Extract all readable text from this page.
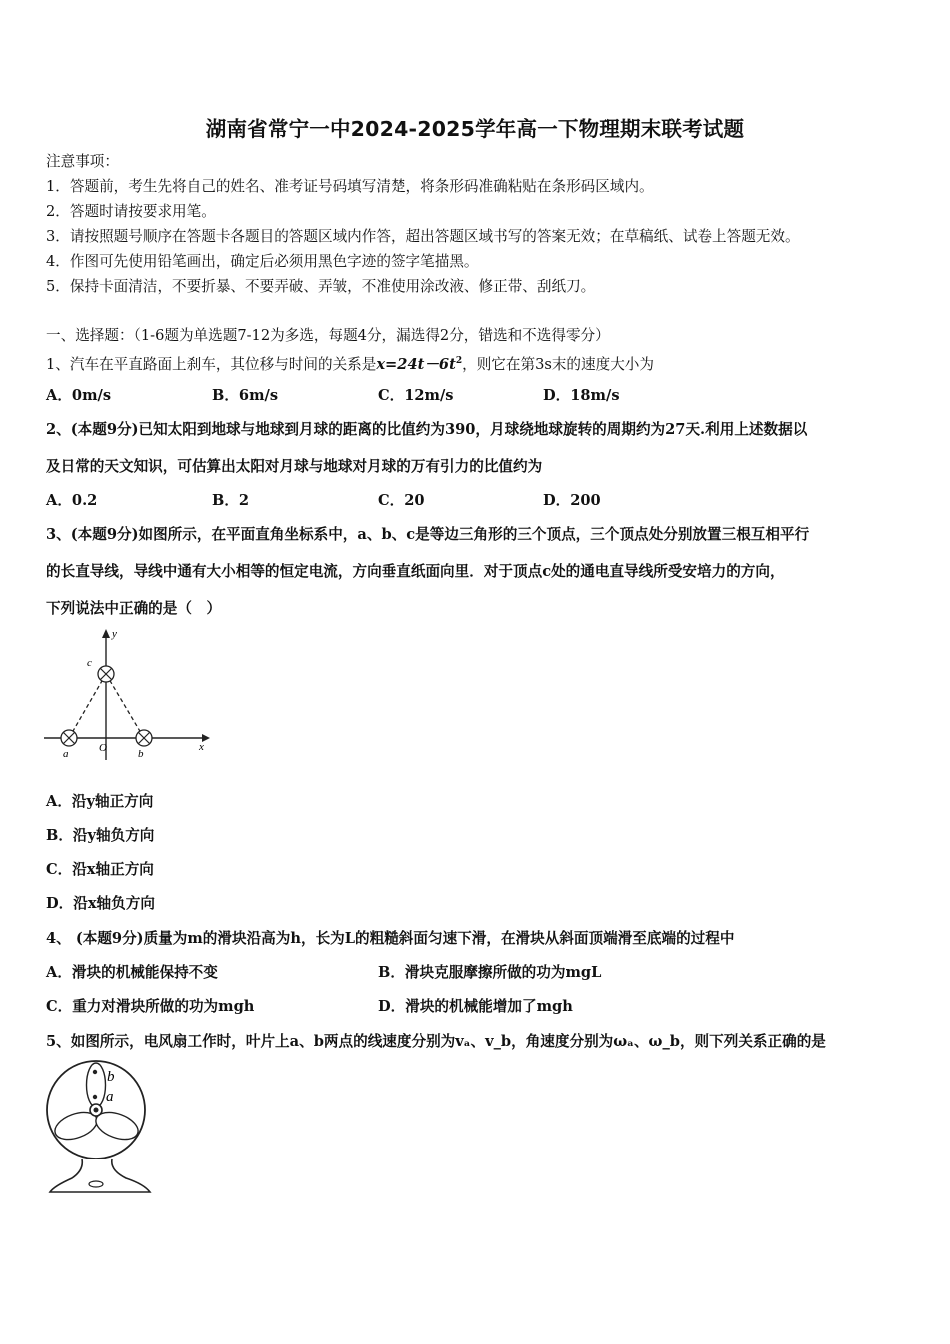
湖南省常宁一中2024-2025学年高一下物理期末联考试题
注意事项：
1．答题前，考生先将自己的姓名、准考证号码填写清楚，将条形码准确粘贴在条形码区域内。
2．答题时请按要求用笔。
3．请按照题号顺序在答题卡各题目的答题区域内作答，超出答题区域书写的答案无效；在草稿纸、试卷上答题无效。
4．作图可先使用铅笔画出，确定后必须用黑色字迹的签字笔描黑。
5．保持卡面清洁，不要折暴、不要弄破、弄皱，不准使用涂改液、修正带、刮纸刀。
一、选择题：（1-6题为单选题7-12为多选，每题4分，漏选得2分，错选和不选得零分）
1、汽车在平直路面上刹车，其位移与时间的关系是$x=24t-6t^2$，则它在第3s末的速度大小为
A．0m/s	B．6m/s	C．12m/s	D．18m/s
2、(本题9分)已知太阳到地球与地球到月球的距离的比值约为390，月球绕地球旋转的周期约为27天.利用上述数据以
及日常的天文知识，可估算出太阳对月球与地球对月球的万有引力的比值约为
A．0.2	B．2	C．20	D．200
3、(本题9分)如图所示，在平面直角坐标系中，a、b、c是等边三角形的三个顶点，三个顶点处分别放置三根互相平行
的长直导线，导线中通有大小相等的恒定电流，方向垂直纸面向里．对于顶点c处的通电直导线所受安培力的方向，
下列说法中正确的是（　）
y
x
c
a	b
O
A．沿y轴正方向
B．沿y轴负方向
C．沿x轴正方向
D．沿x轴负方向
4、 (本题9分)质量为m的滑块沿高为h，长为L的粗糙斜面匀速下滑，在滑块从斜面顶端滑至底端的过程中
A．滑块的机械能保持不变	B．滑块克服摩擦所做的功为mgL
C．重力对滑块所做的功为mgh	D．滑块的机械能增加了mgh
5、如图所示，电风扇工作时，叶片上a、b两点的线速度分别为vₐ、v_b，角速度分别为ωₐ、ω_b，则下列关系正确的是
a
b
